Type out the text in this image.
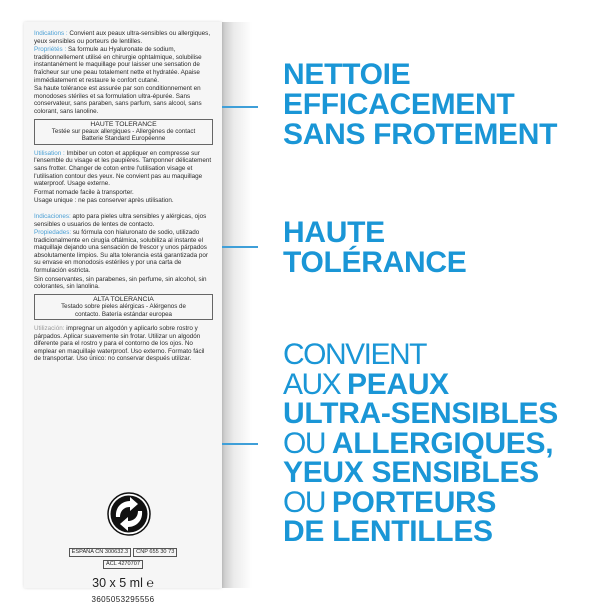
Indications : Convient aux peaux ultra-sensibles ou allergiques, yeux sensibles ou porteurs de lentilles.

Propriétés : Sa formule au Hyaluronate de sodium, traditionnellement utilisé en chirurgie ophtalmique, solubilise instantanément le maquillage pour laisser une sensation de fraîcheur sur une peau totalement nette et hydratée. Apaise immédiatement et restaure le confort cutané.

Sa haute tolérance est assurée par son conditionnement en monodoses stériles et sa formulation ultra-épurée. Sans conservateur, sans paraben, sans parfum, sans alcool, sans colorant, sans lanoline.

HAUTE TOLERANCE
Testée sur peaux allergiques - Allergènes de contact
Batterie Standard Européenne

Utilisation : Imbiber un coton et appliquer en compresse sur l'ensemble du visage et les paupières. Tamponner délicatement sans frotter. Changer de coton entre l'utilisation visage et l'utilisation contour des yeux. Ne convient pas au maquillage waterproof. Usage externe.

Format nomade facile à transporter.

Usage unique : ne pas conserver après utilisation.

Indicaciones: apto para pieles ultra sensibles y alérgicas, ojos sensibles o usuarios de lentes de contacto.

Propiedades: su fórmula con hialuronato de sodio, utilizado tradicionalmente en cirugía oftálmica, solubiliza al instante el maquillaje dejando una sensación de frescor y unos párpados absolutamente limpios. Su alta tolerancia está garantizada por su envase en monodosis estériles y por una carta de formulación estricta.

Sin conservantes, sin parabenes, sin perfume, sin alcohol, sin colorantes, sin lanolina.

ALTA TOLERANCIA
Testado sobre pieles alérgicas - Alérgenos de
contacto. Batería estándar europea

Utilización: impregnar un algodón y aplicarlo sobre rostro y párpados. Aplicar suavemente sin frotar. Utilizar un algodón diferente para el rostro y para el contorno de los ojos. No emplear en maquillaje waterproof. Uso externo. Formato fácil de transportar. Uso único: no conservar después utilizar.

ESPAÑA CN 300632.3 CNP 655 30 73
ACL 4270707
30 x 5 ml ℮
3605053295556
NETTOIE
EFFICACEMENT
SANS FROTEMENT
HAUTE
TOLÉRANCE
CONVIENT
AUX PEAUX
ULTRA-SENSIBLES
OU ALLERGIQUES,
YEUX SENSIBLES
OU PORTEURS
DE LENTILLES
